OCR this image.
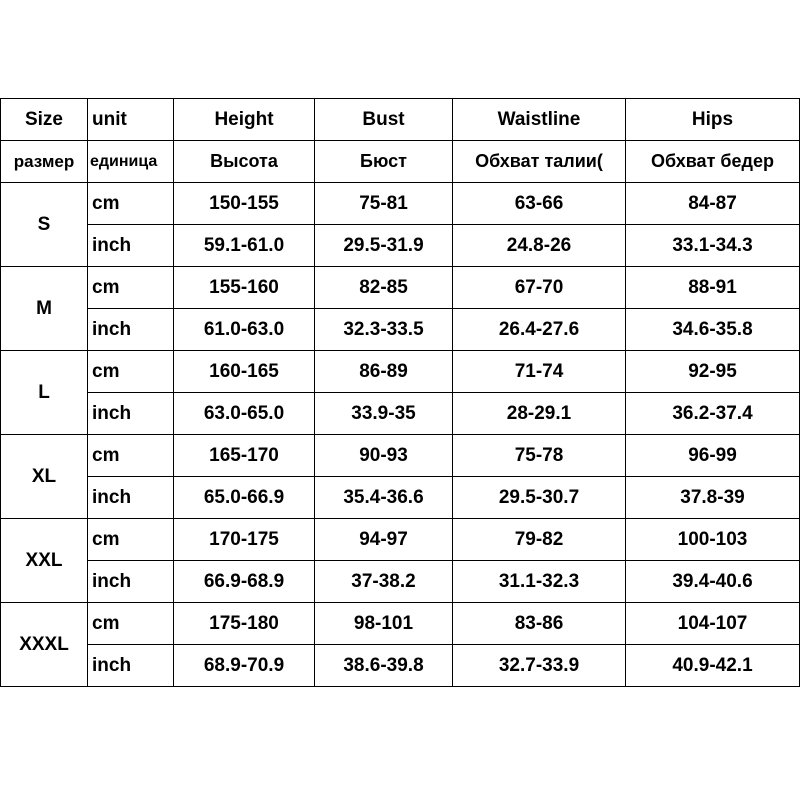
Size	unit	Height	Bust	Waistline	Hips
размер	единица	Высота	Бюст	Обхват талии(	Обхват бедер
S	cm	150-155	75-81	63-66	84-87
	inch	59.1-61.0	29.5-31.9	24.8-26	33.1-34.3
M	cm	155-160	82-85	67-70	88-91
	inch	61.0-63.0	32.3-33.5	26.4-27.6	34.6-35.8
L	cm	160-165	86-89	71-74	92-95
	inch	63.0-65.0	33.9-35	28-29.1	36.2-37.4
XL	cm	165-170	90-93	75-78	96-99
	inch	65.0-66.9	35.4-36.6	29.5-30.7	37.8-39
XXL	cm	170-175	94-97	79-82	100-103
	inch	66.9-68.9	37-38.2	31.1-32.3	39.4-40.6
XXXL	cm	175-180	98-101	83-86	104-107
	inch	68.9-70.9	38.6-39.8	32.7-33.9	40.9-42.1
